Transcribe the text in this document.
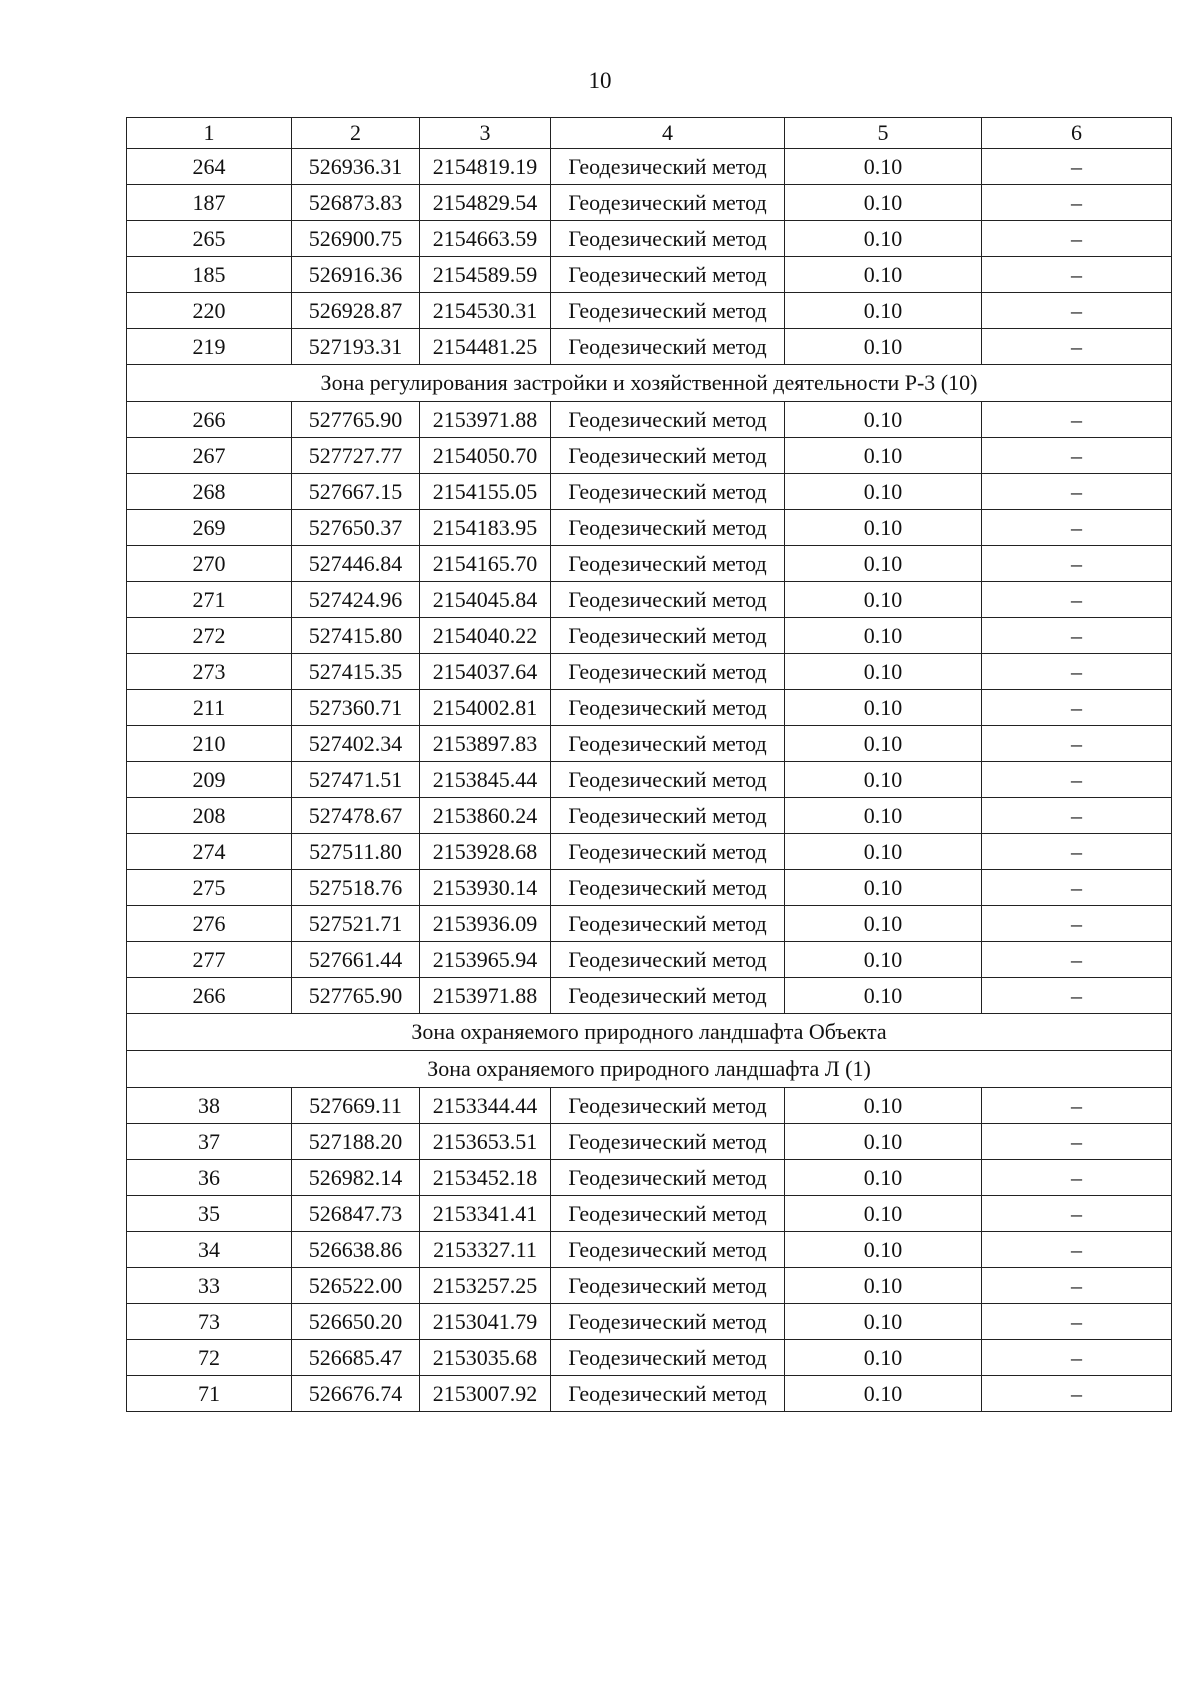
10
1	2	3	4	5	6
264	526936.31	2154819.19	Геодезический метод	0.10	–
187	526873.83	2154829.54	Геодезический метод	0.10	–
265	526900.75	2154663.59	Геодезический метод	0.10	–
185	526916.36	2154589.59	Геодезический метод	0.10	–
220	526928.87	2154530.31	Геодезический метод	0.10	–
219	527193.31	2154481.25	Геодезический метод	0.10	–
Зона регулирования застройки и хозяйственной деятельности Р-3 (10)					
266	527765.90	2153971.88	Геодезический метод	0.10	–
267	527727.77	2154050.70	Геодезический метод	0.10	–
268	527667.15	2154155.05	Геодезический метод	0.10	–
269	527650.37	2154183.95	Геодезический метод	0.10	–
270	527446.84	2154165.70	Геодезический метод	0.10	–
271	527424.96	2154045.84	Геодезический метод	0.10	–
272	527415.80	2154040.22	Геодезический метод	0.10	–
273	527415.35	2154037.64	Геодезический метод	0.10	–
211	527360.71	2154002.81	Геодезический метод	0.10	–
210	527402.34	2153897.83	Геодезический метод	0.10	–
209	527471.51	2153845.44	Геодезический метод	0.10	–
208	527478.67	2153860.24	Геодезический метод	0.10	–
274	527511.80	2153928.68	Геодезический метод	0.10	–
275	527518.76	2153930.14	Геодезический метод	0.10	–
276	527521.71	2153936.09	Геодезический метод	0.10	–
277	527661.44	2153965.94	Геодезический метод	0.10	–
266	527765.90	2153971.88	Геодезический метод	0.10	–
Зона охраняемого природного ландшафта Объекта					
Зона охраняемого природного ландшафта Л (1)					
38	527669.11	2153344.44	Геодезический метод	0.10	–
37	527188.20	2153653.51	Геодезический метод	0.10	–
36	526982.14	2153452.18	Геодезический метод	0.10	–
35	526847.73	2153341.41	Геодезический метод	0.10	–
34	526638.86	2153327.11	Геодезический метод	0.10	–
33	526522.00	2153257.25	Геодезический метод	0.10	–
73	526650.20	2153041.79	Геодезический метод	0.10	–
72	526685.47	2153035.68	Геодезический метод	0.10	–
71	526676.74	2153007.92	Геодезический метод	0.10	–
